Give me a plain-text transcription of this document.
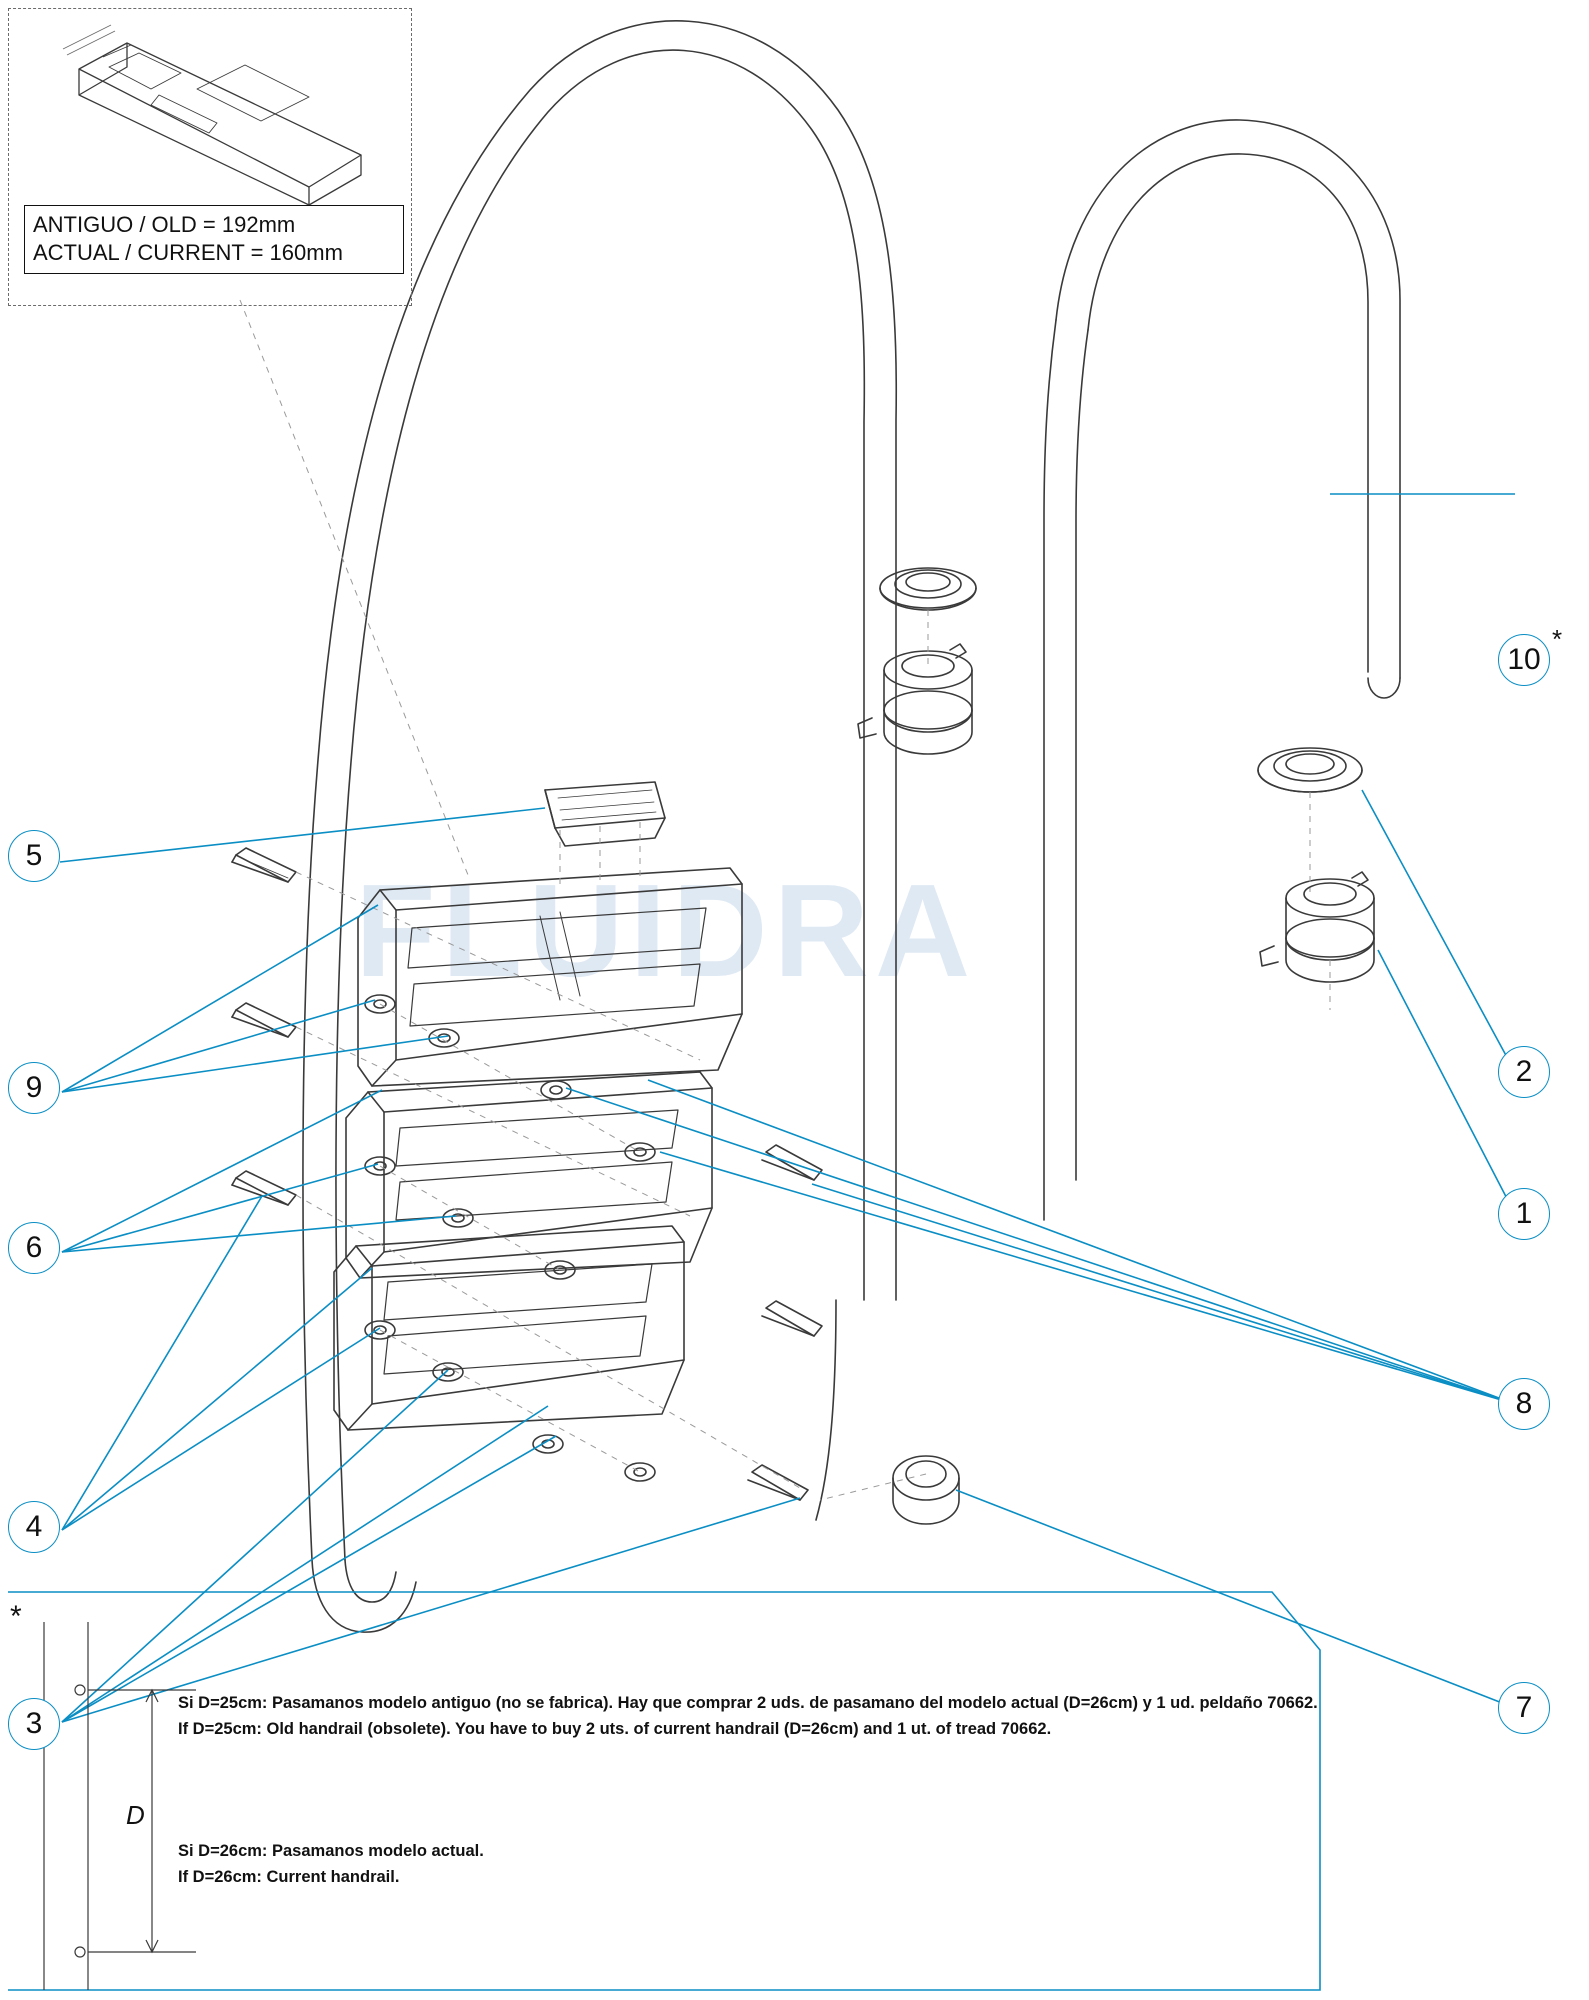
FLUIDRA
ANTIGUO / OLD = 192mm
ACTUAL / CURRENT = 160mm
5
9
6
4
3
10
*
2
1
8
7
*
D
Si D=25cm: Pasamanos modelo antiguo (no se fabrica). Hay que comprar 2 uds. de pasamano del modelo actual (D=26cm) y 1 ud. peldaño 70662.
If D=25cm: Old handrail (obsolete). You have to buy 2 uts. of current handrail (D=26cm) and 1 ut. of tread 70662.
Si D=26cm: Pasamanos modelo actual.
If D=26cm: Current handrail.
